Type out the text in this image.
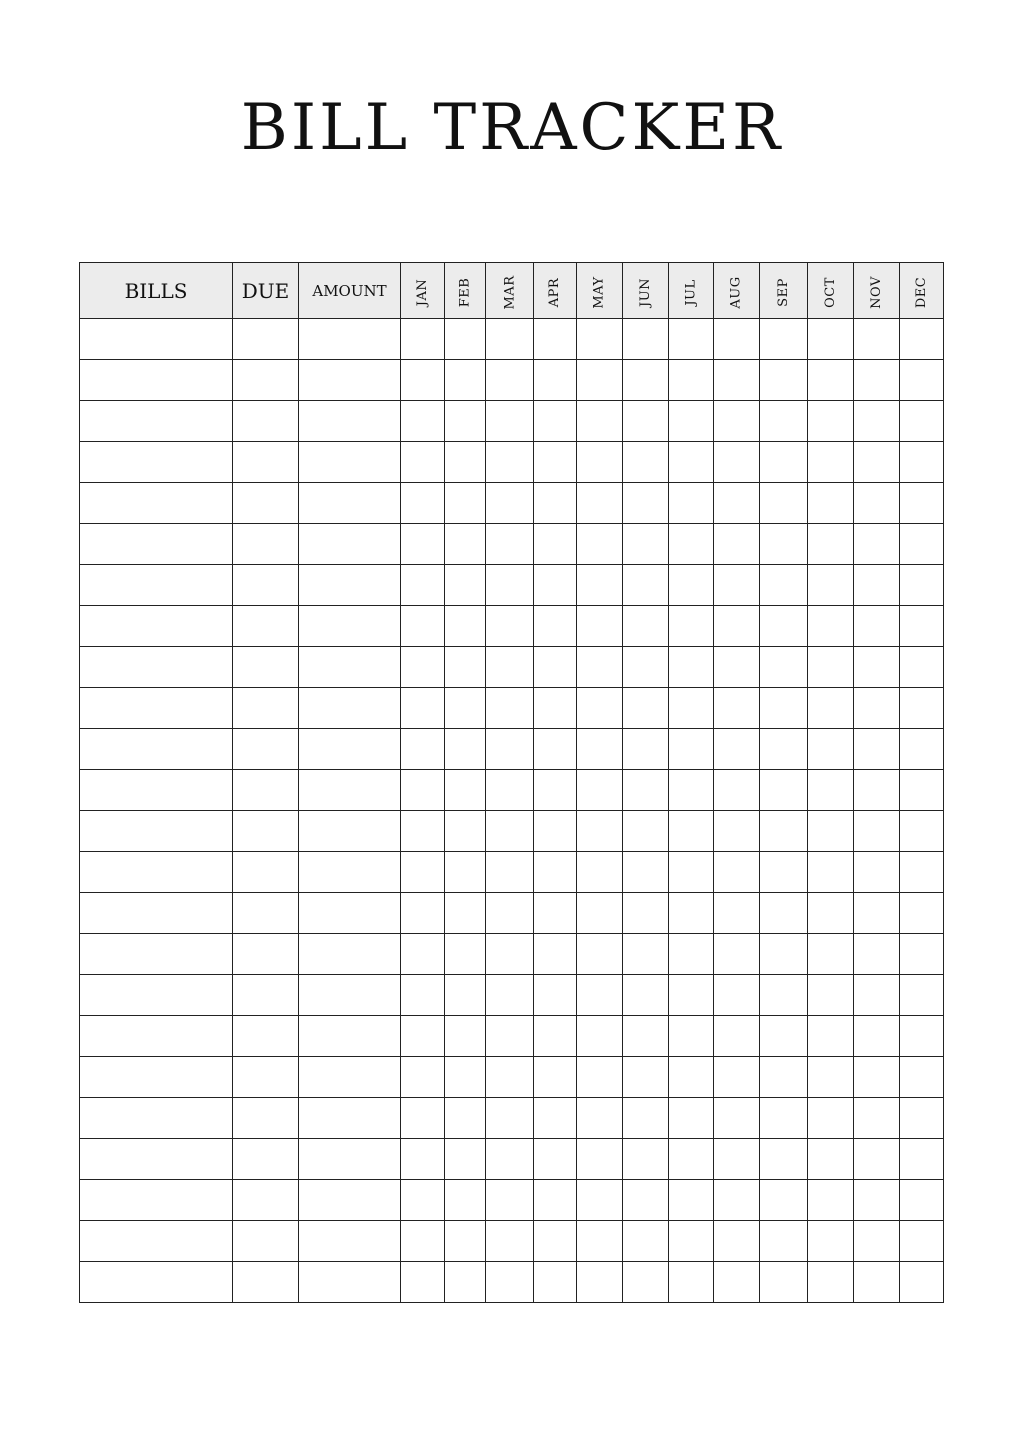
BILL TRACKER
BILLS	DUE	AMOUNT	JAN	FEB	MAR	APR	MAY	JUN	JUL	AUG	SEP	OCT	NOV	DEC
